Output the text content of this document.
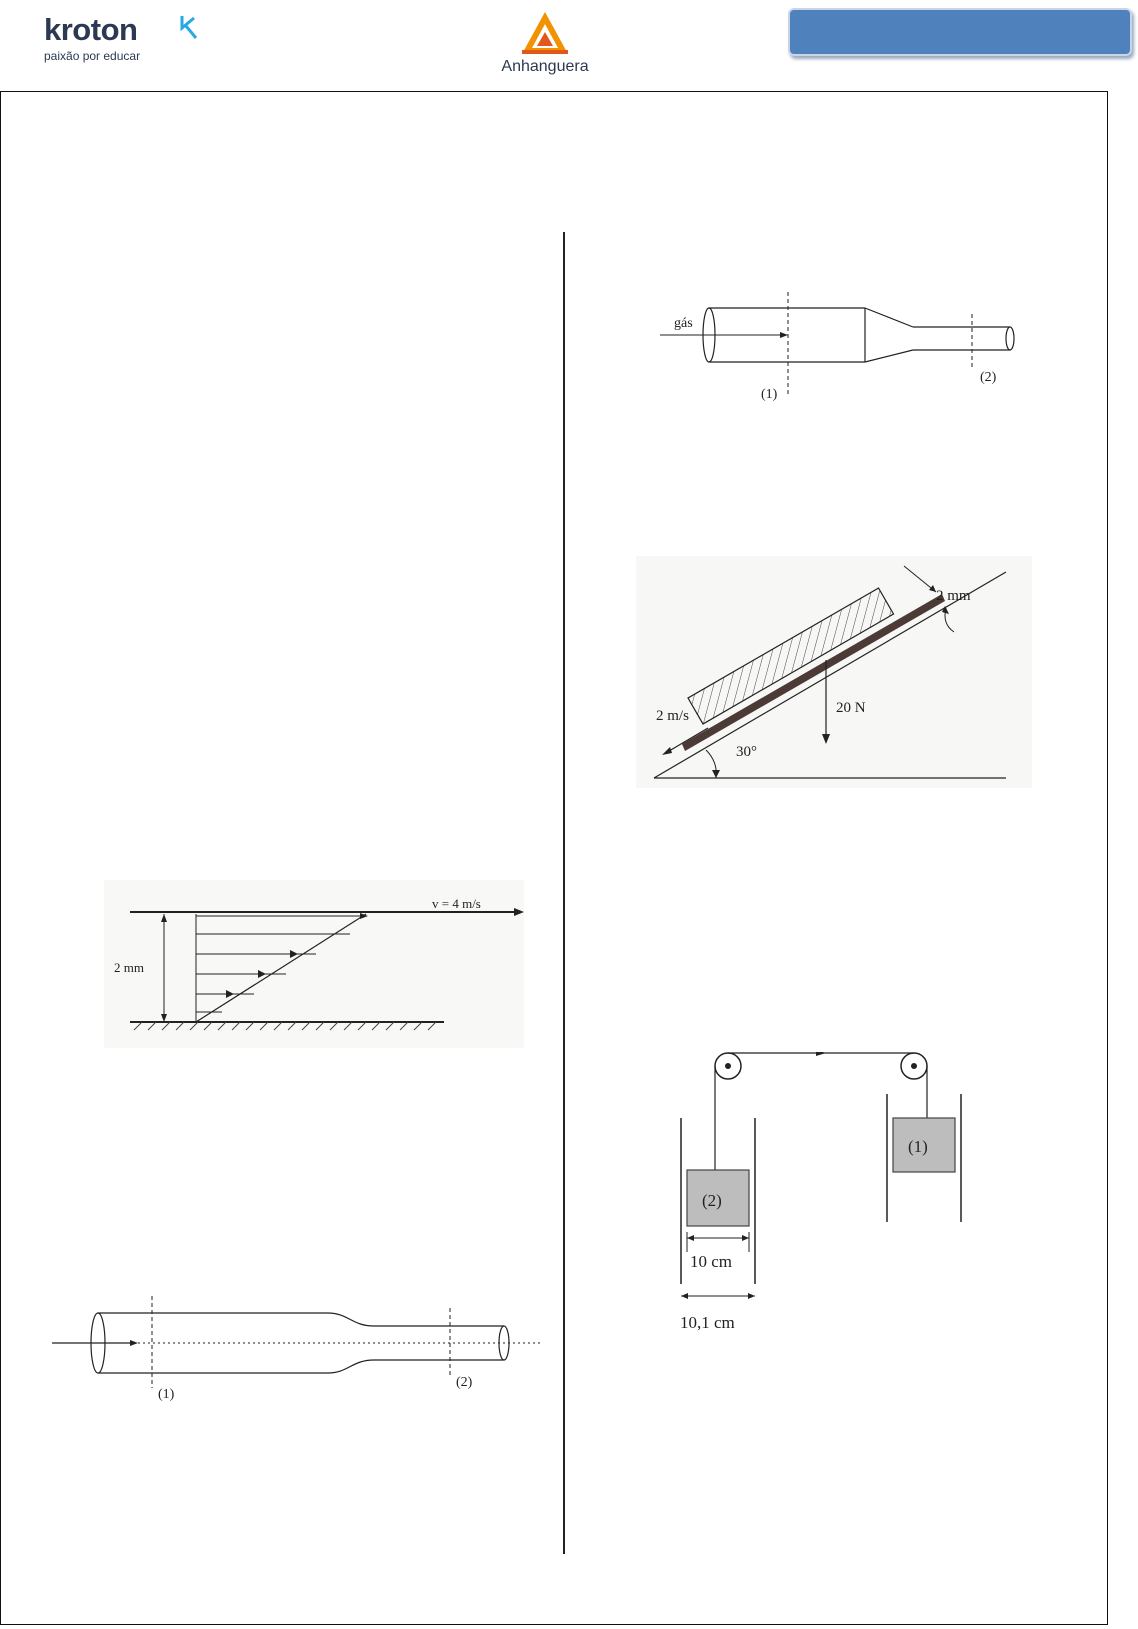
kroton
paixão por educar
Anhanguera
gás
(1)
(2)
2 mm
2 m/s	20 N
30°
v = 4 m/s
2 mm
(1)
(2)
(2)
(1)
10 cm
10,1 cm
